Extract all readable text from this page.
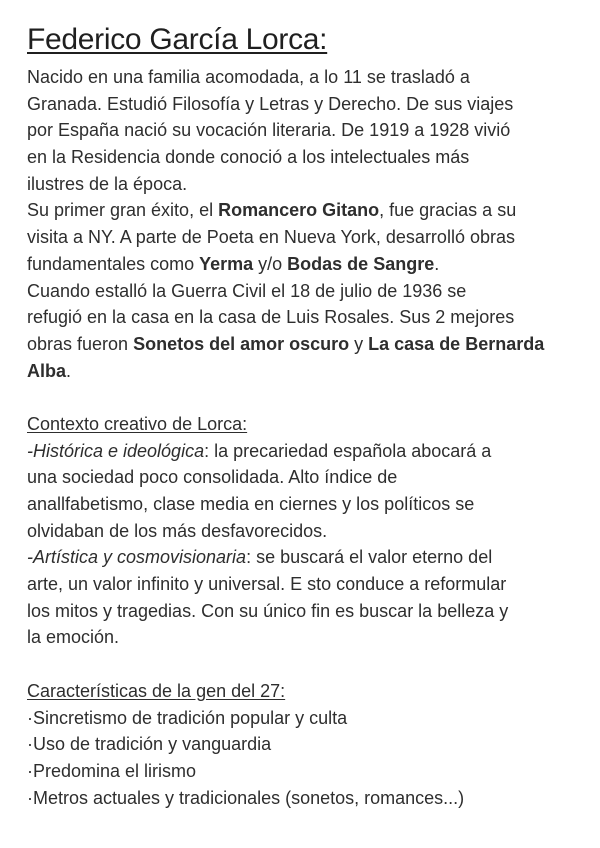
Federico García Lorca:
Nacido en una familia acomodada, a lo 11 se trasladó a
Granada. Estudió Filosofía y Letras y Derecho. De sus viajes
por España nació su vocación literaria. De 1919 a 1928 vivió
en la Residencia donde conoció a los intelectuales más
ilustres de la época.
Su primer gran éxito, el Romancero Gitano, fue gracias a su
visita a NY. A parte de Poeta en Nueva York, desarrolló obras
fundamentales como Yerma y/o Bodas de Sangre.
Cuando estalló la Guerra Civil el 18 de julio de 1936 se
refugió en la casa en la casa de Luis Rosales. Sus 2 mejores
obras fueron Sonetos del amor oscuro y La casa de Bernarda
Alba.
Contexto creativo de Lorca:
-Histórica e ideológica: la precariedad española abocará a
una sociedad poco consolidada. Alto índice de
anallfabetismo, clase media en ciernes y los políticos se
olvidaban de los más desfavorecidos.
-Artística y cosmovisionaria: se buscará el valor eterno del
arte, un valor infinito y universal. E sto conduce a reformular
los mitos y tragedias. Con su único fin es buscar la belleza y
la emoción.
Características de la gen del 27:
·Sincretismo de tradición popular y culta
·Uso de tradición y vanguardia
·Predomina el lirismo
·Metros actuales y tradicionales (sonetos, romances...)
